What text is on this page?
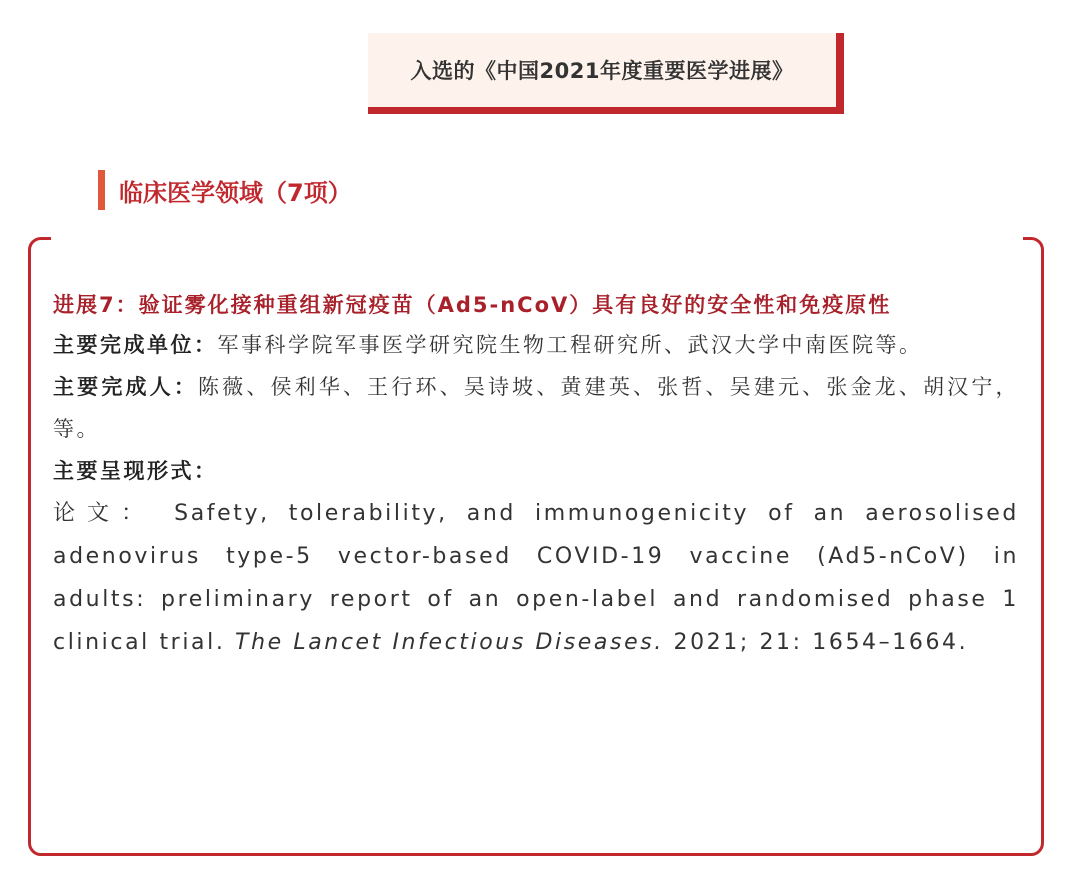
入选的《中国2021年度重要医学进展》
临床医学领域（7项）

进展7：验证雾化接种重组新冠疫苗（Ad5-nCoV）具有良好的安全性和免疫原性

主要完成单位：军事科学院军事医学研究院生物工程研究所、武汉大学中南医院等。

主要完成人：陈薇、侯利华、王行环、吴诗坡、黄建英、张哲、吴建元、张金龙、胡汉宁，等。

主要呈现形式：

论文： Safety, tolerability, and immunogenicity of an aerosolised adenovirus type-5 vector-based COVID-19 vaccine (Ad5-nCoV) in adults: preliminary report of an open-label and randomised phase 1 clinical trial. The Lancet Infectious Diseases. 2021; 21: 1654–1664.
